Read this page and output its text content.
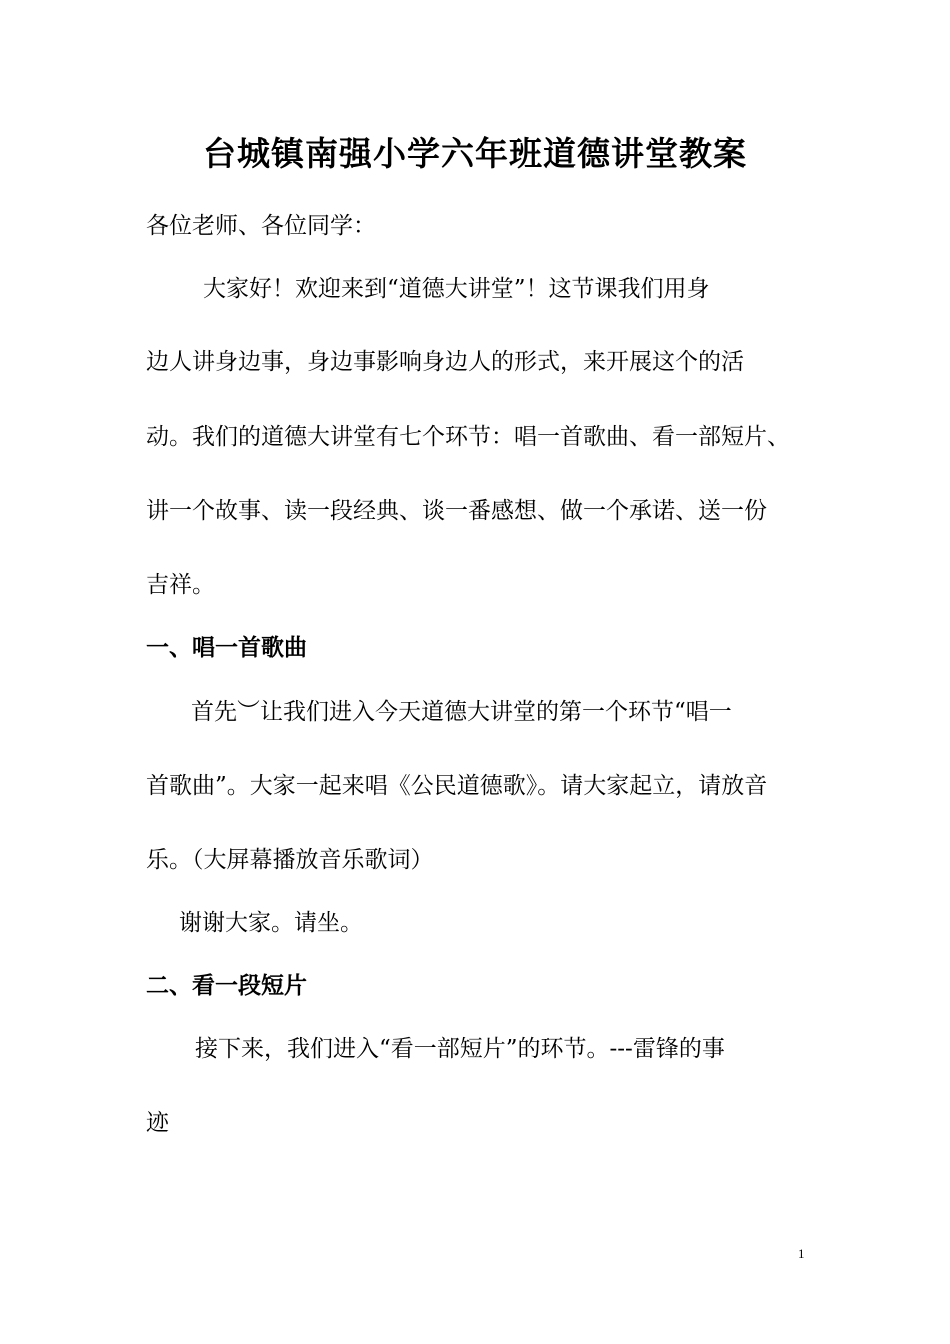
台城镇南强小学六年班道德讲堂教案
各位老师、各位同学：
大家好！欢迎来到“道德大讲堂”！这节课我们用身
边人讲身边事，身边事影响身边人的形式，来开展这个的活
动。我们的道德大讲堂有七个环节：唱一首歌曲、看一部短片、
讲一个故事、读一段经典、谈一番感想、做一个承诺、送一份
吉祥。
一、唱一首歌曲
首先︶让我们进入今天道德大讲堂的第一个环节“唱一
首歌曲”。大家一起来唱《公民道德歌》。请大家起立，请放音
乐。（大屏幕播放音乐歌词）
谢谢大家。请坐。
二、看一段短片
接下来，我们进入“看一部短片”的环节。---雷锋的事
迹
1
